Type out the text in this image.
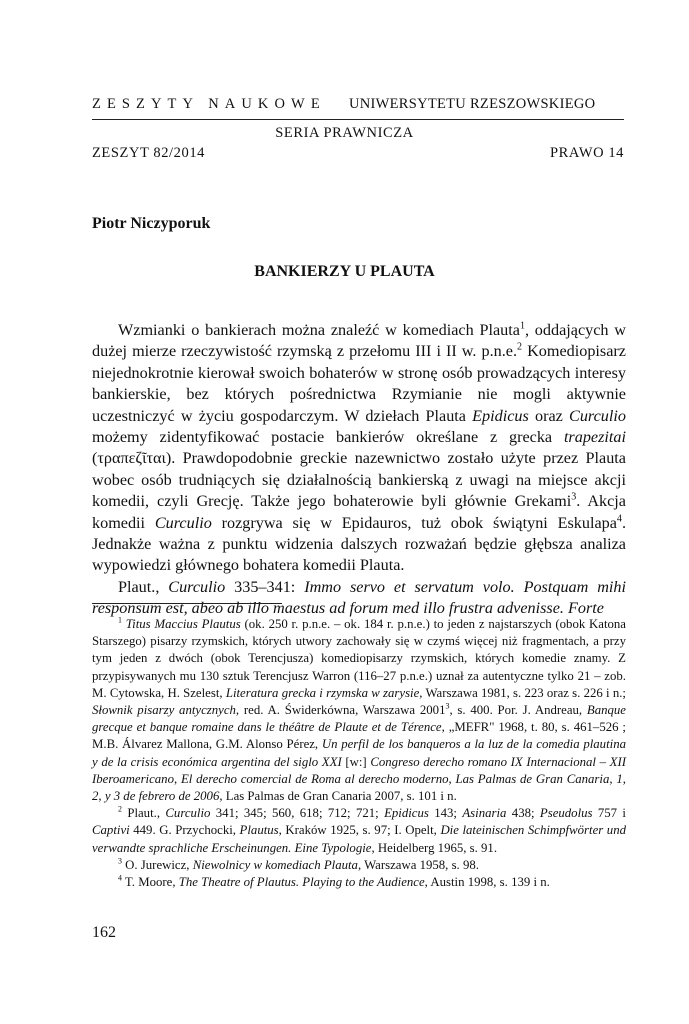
ZESZYTY NAUKOWE UNIWERSYTETU RZESZOWSKIEGO
SERIA PRAWNICZA
ZESZYT 82/2014	PRAWO 14
Piotr Niczyporuk
BANKIERZY U PLAUTA

Wzmianki o bankierach można znaleźć w komediach Plauta$^1$, oddających w dużej mierze rzeczywistość rzymską z przełomu III i II w. p.n.e.$^2$ Komediopisarz niejednokrotnie kierował swoich bohaterów w stronę osób prowadzących interesy bankierskie, bez których pośrednictwa Rzymianie nie mogli aktywnie uczestniczyć w życiu gospodarczym. W dziełach Plauta Epidicus oraz Curculio możemy zidentyfikować postacie bankierów określane z grecka trapezitai (τραπεζῖται). Prawdopodobnie greckie nazewnictwo zostało użyte przez Plauta wobec osób trudniących się działalnością bankierską z uwagi na miejsce akcji komedii, czyli Grecję. Także jego bohaterowie byli głównie Grekami$^3$. Akcja komedii Curculio rozgrywa się w Epidauros, tuż obok świątyni Eskulapa$^4$. Jednakże ważna z punktu widzenia dalszych rozważań będzie głębsza analiza wypowiedzi głównego bohatera komedii Plauta.

Plaut., Curculio 335–341: Immo servo et servatum volo. Postquam mihi responsum est, abeo ab illo maestus ad forum med illo frustra advenisse. Forte

$^1$ Titus Maccius Plautus (ok. 250 r. p.n.e. – ok. 184 r. p.n.e.) to jeden z najstarszych (obok Katona Starszego) pisarzy rzymskich, których utwory zachowały się w czymś więcej niż fragmentach, a przy tym jeden z dwóch (obok Terencjusza) komediopisarzy rzymskich, których komedie znamy. Z przypisywanych mu 130 sztuk Terencjusz Warron (116–27 p.n.e.) uznał za autentyczne tylko 21 – zob. M. Cytowska, H. Szelest, Literatura grecka i rzymska w zarysie, Warszawa 1981, s. 223 oraz s. 226 i n.; Słownik pisarzy antycznych, red. A. Świderkówna, Warszawa 2001$^3$, s. 400. Por. J. Andreau, Banque grecque et banque romaine dans le théâtre de Plaute et de Térence, „MEFR" 1968, t. 80, s. 461–526 ; M.B. Álvarez Mallona, G.M. Alonso Pérez, Un perfil de los banqueros a la luz de la comedia plautina y de la crisis económica argentina del siglo XXI [w:] Congreso derecho romano IX Internacional – XII Iberoamericano, El derecho comercial de Roma al derecho moderno, Las Palmas de Gran Canaria, 1, 2, y 3 de febrero de 2006, Las Palmas de Gran Canaria 2007, s. 101 i n.

$^2$ Plaut., Curculio 341; 345; 560, 618; 712; 721; Epidicus 143; Asinaria 438; Pseudolus 757 i Captivi 449. G. Przychocki, Plautus, Kraków 1925, s. 97; I. Opelt, Die lateinischen Schimpfwörter und verwandte sprachliche Erscheinungen. Eine Typologie, Heidelberg 1965, s. 91.

$^3$ O. Jurewicz, Niewolnicy w komediach Plauta, Warszawa 1958, s. 98.

$^4$ T. Moore, The Theatre of Plautus. Playing to the Audience, Austin 1998, s. 139 i n.

162
